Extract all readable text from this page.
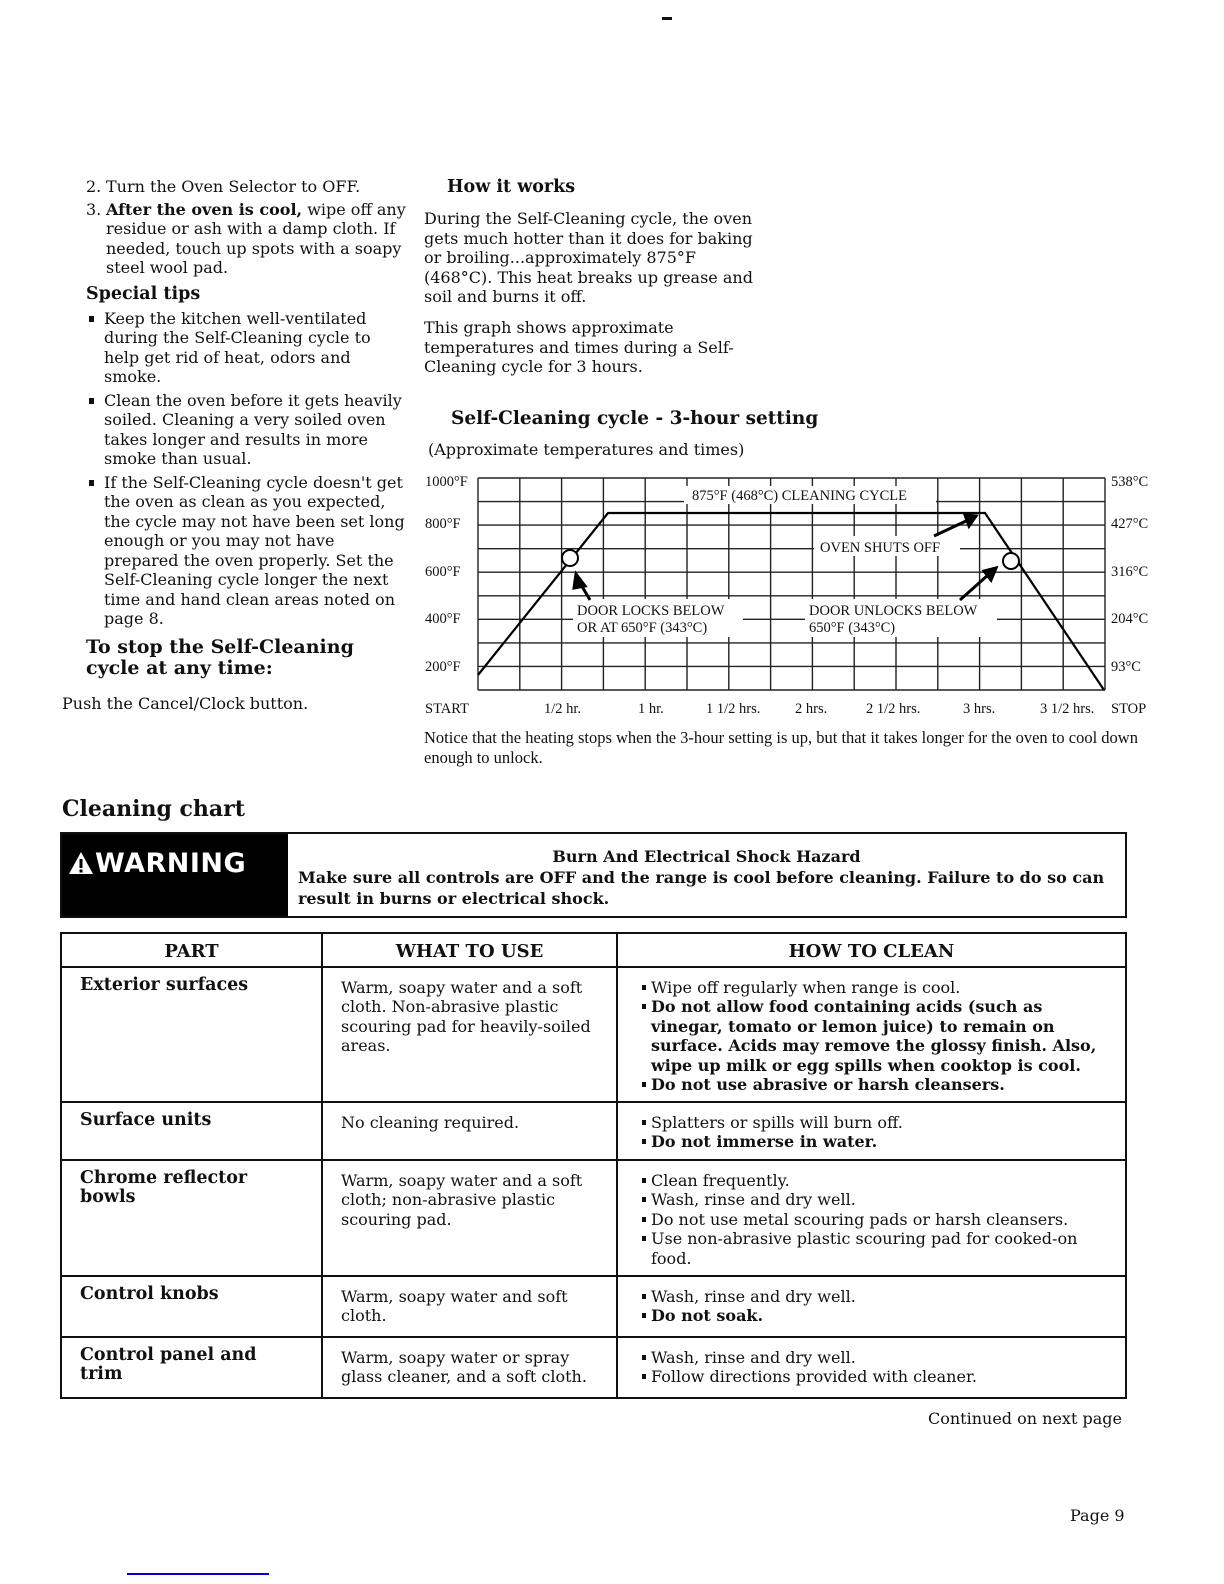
2. Turn the Oven Selector to OFF.
3. After the oven is cool, wipe off any residue or ash with a damp cloth. If needed, touch up spots with a soapy steel wool pad.
Special tips
Keep the kitchen well-ventilated during the Self-Cleaning cycle to help get rid of heat, odors and smoke.
Clean the oven before it gets heavily soiled. Cleaning a very soiled oven takes longer and results in more smoke than usual.
If the Self-Cleaning cycle doesn't get the oven as clean as you expected, the cycle may not have been set long enough or you may not have prepared the oven properly. Set the Self-Cleaning cycle longer the next time and hand clean areas noted on page 8.
To stop the Self-Cleaning cycle at any time:
Push the Cancel/Clock button.
How it works
During the Self-Cleaning cycle, the oven gets much hotter than it does for baking or broiling...approximately 875°F (468°C). This heat breaks up grease and soil and burns it off.
This graph shows approximate temperatures and times during a Self-Cleaning cycle for 3 hours.
Self-Cleaning cycle - 3-hour setting
(Approximate temperatures and times)
875°F (468°C) CLEANING CYCLE
OVEN SHUTS OFF
DOOR LOCKS BELOW
OR AT 650°F (343°C)
DOOR UNLOCKS BELOW
650°F (343°C)
1000°F
800°F
600°F
400°F
200°F
538°C
427°C
316°C
204°C
93°C
START	1/2 hr.	1 hr.	1 1/2 hrs. 2 hrs.	2 1/2 hrs.	3 hrs.	3 1/2 hrs. STOP
Notice that the heating stops when the 3-hour setting is up, but that it takes longer for the oven to cool down enough to unlock.
Cleaning chart
WARNING	Burn And Electrical Shock Hazard
Make sure all controls are OFF and the range is cool before cleaning. Failure to do so can result in burns or electrical shock.
PART	WHAT TO USE	HOW TO CLEAN
Exterior surfaces	Warm, soapy water and a soft cloth. Non-abrasive plastic scouring pad for heavily-soiled areas.	
Wipe off regularly when range is cool.
Do not allow food containing acids (such as vinegar, tomato or lemon juice) to remain on surface. Acids may remove the glossy finish. Also, wipe up milk or egg spills when cooktop is cool.
Do not use abrasive or harsh cleansers.

Surface units	No cleaning required.	Splatters or spills will burn off.
Do not immerse in water.

Chrome reflector bowls	Warm, soapy water and a soft cloth; non-abrasive plastic scouring pad.	
Clean frequently.
Wash, rinse and dry well.
Do not use metal scouring pads or harsh cleansers.
Use non-abrasive plastic scouring pad for cooked-on food.

Control knobs	Warm, soapy water and soft cloth.	
Wash, rinse and dry well.
Do not soak.

Control panel and trim	Warm, soapy water or spray glass cleaner, and a soft cloth.	
Wash, rinse and dry well.
Follow directions provided with cleaner.
Continued on next page
Page 9
